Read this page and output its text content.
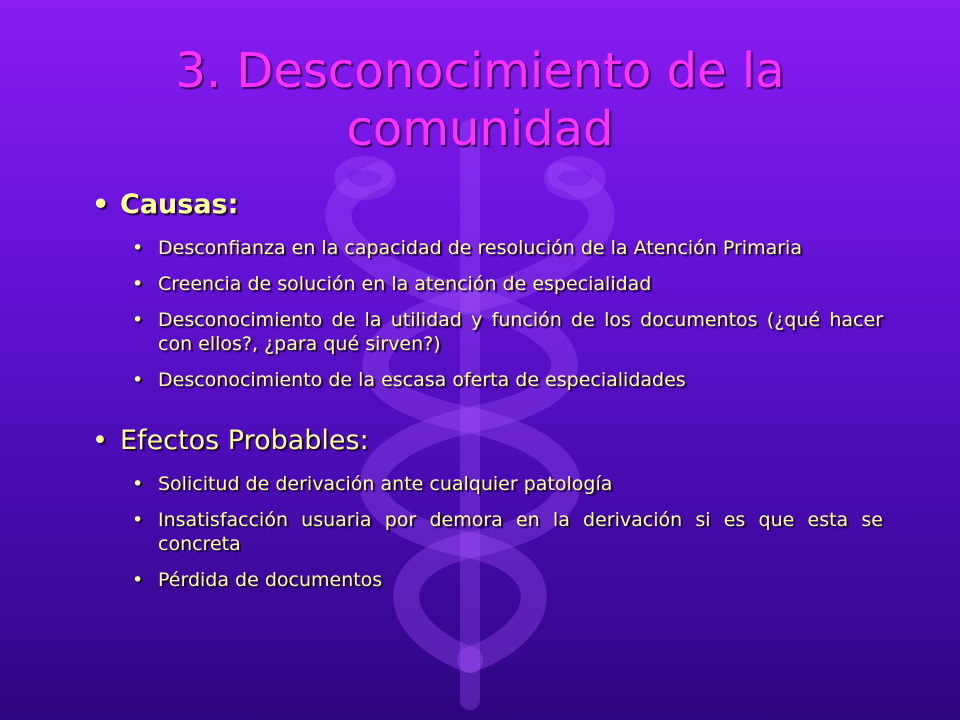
3. Desconocimiento de la comunidad
• Causas:
• Desconfianza en la capacidad de resolución de la Atención Primaria
• Creencia de solución en la atención de especialidad
• Desconocimiento de la utilidad y función de los documentos (¿qué hacer con ellos?, ¿para qué sirven?)
• Desconocimiento de la escasa oferta de especialidades
• Efectos Probables:
• Solicitud de derivación ante cualquier patología
• Insatisfacción usuaria por demora en la derivación si es que esta se concreta
• Pérdida de documentos
